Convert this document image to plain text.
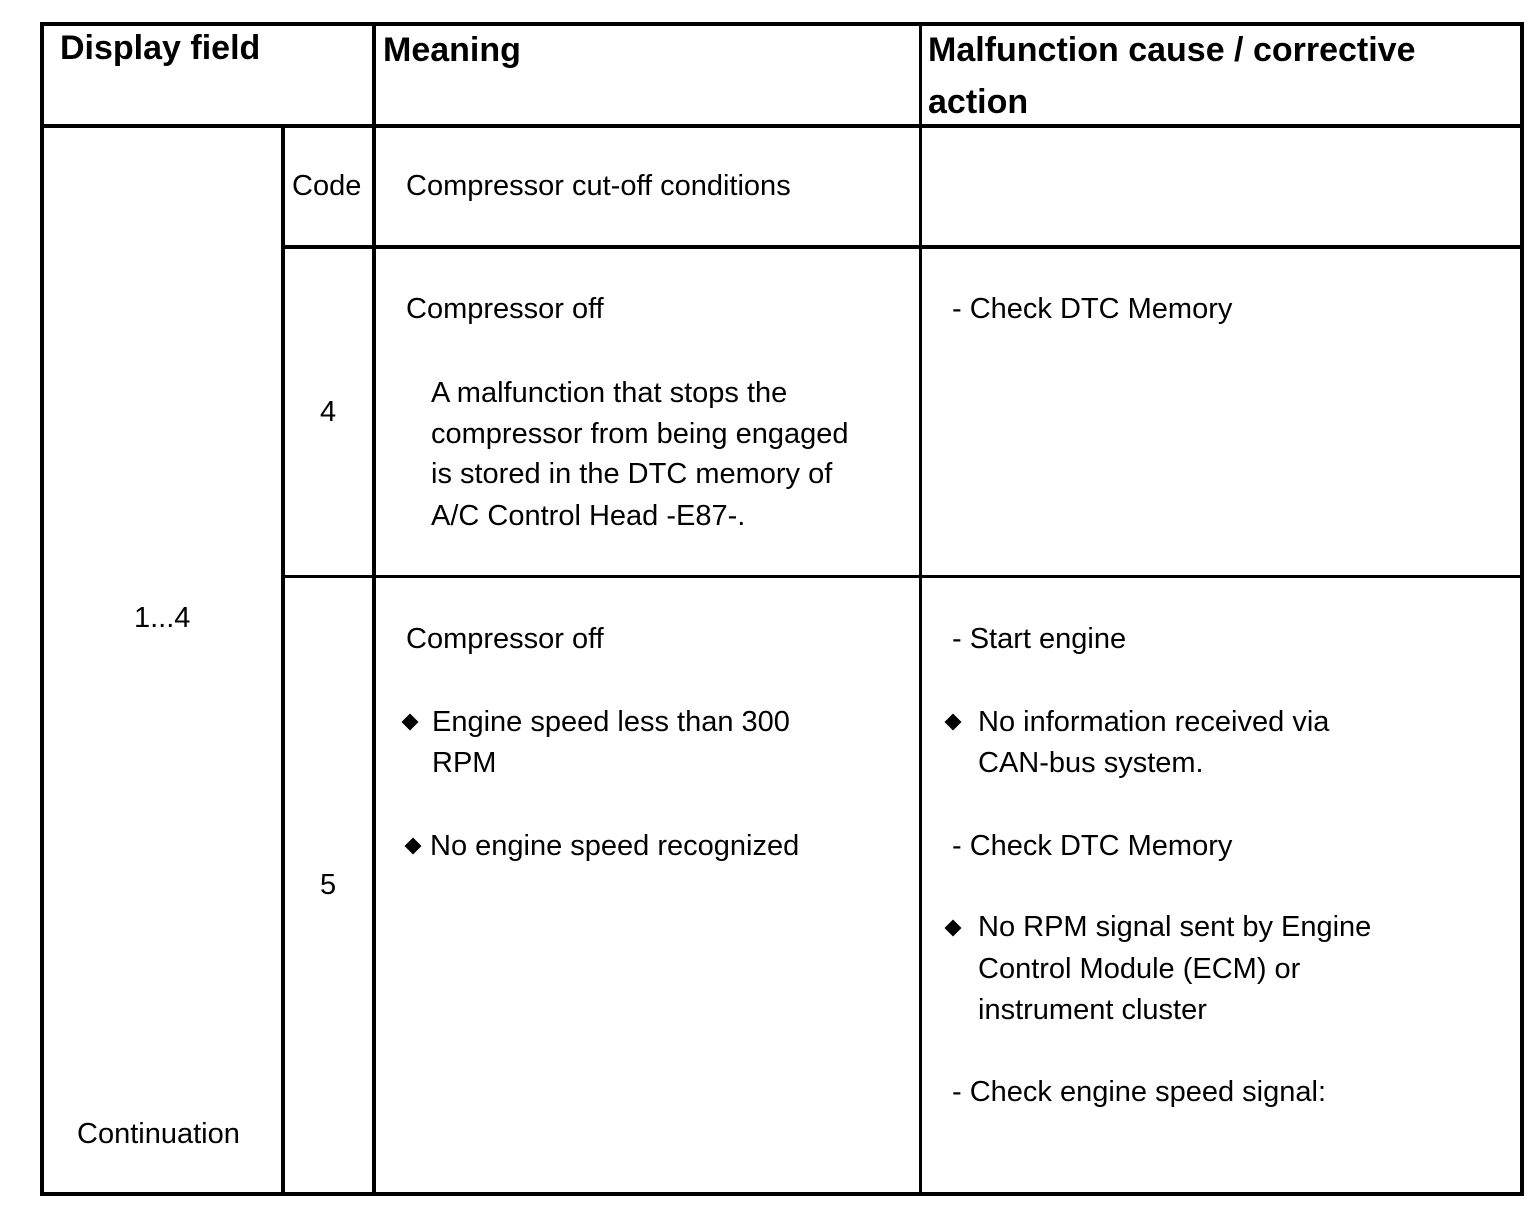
Display field	Meaning	Malfunction cause / corrective

action

1...4

Continuation

Code Compressor cut-off conditions

4

Compressor off

A malfunction that stops the

compressor from being engaged

is stored in the DTC memory of

A/C Control Head -E87-.

- Check DTC Memory

5

Compressor off

Engine speed less than 300

RPM

No engine speed recognized

- Start engine

No information received via

CAN-bus system.

- Check DTC Memory

No RPM signal sent by Engine

Control Module (ECM) or

instrument cluster

- Check engine speed signal:
